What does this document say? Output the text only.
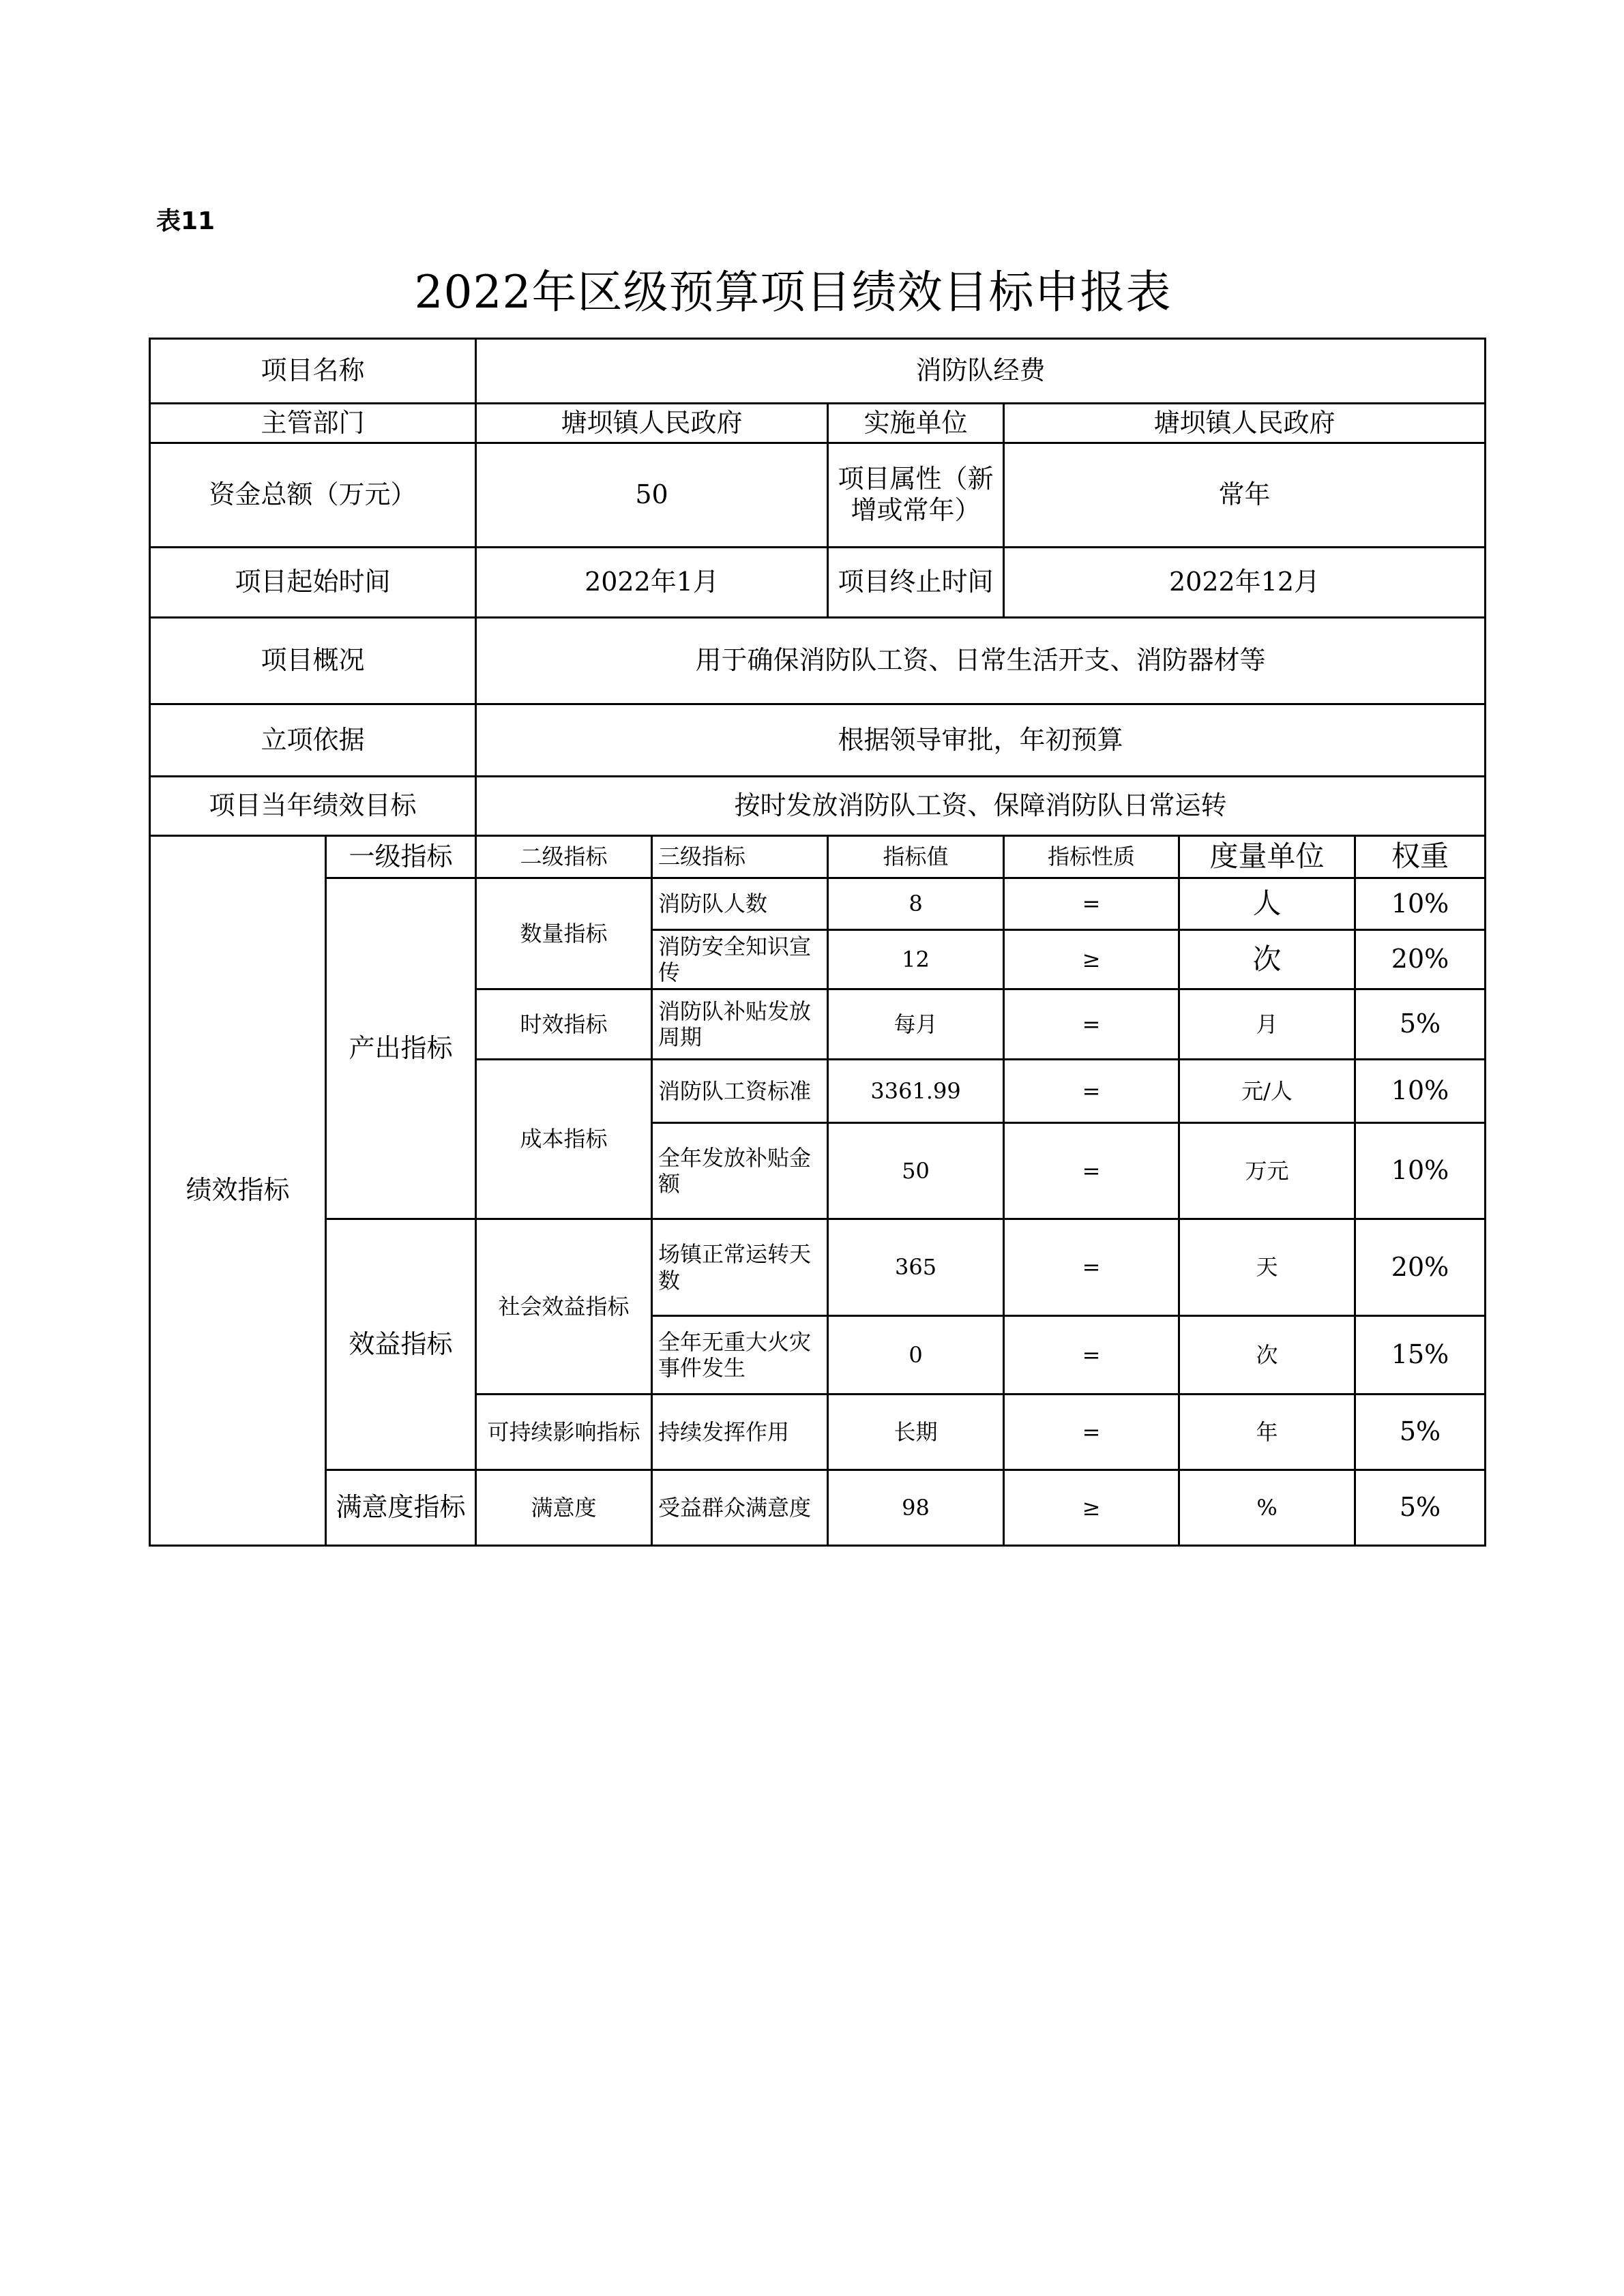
表11
2022年区级预算项目绩效目标申报表
项目名称		消防队经费					
主管部门		塘坝镇人民政府		实施单位	塘坝镇人民政府		
资金总额（万元）		50		项目属性（新增或常年）	常年		
项目起始时间		2022年1月		项目终止时间	2022年12月		
项目概况		用于确保消防队工资、日常生活开支、消防器材等					
立项依据		根据领导审批，年初预算					
项目当年绩效目标		按时发放消防队工资、保障消防队日常运转					
绩效指标	一级指标	二级指标	三级指标	指标值	指标性质	度量单位	权重
	产出指标	数量指标	消防队人数	8	=	人	10%
			消防安全知识宣传	12	≥	次	20%
		时效指标	消防队补贴发放周期	每月	=	月	5%
		成本指标	消防队工资标准	3361.99	=	元/人	10%
			全年发放补贴金额	50	=	万元	10%
	效益指标	社会效益指标	场镇正常运转天数	365	=	天	20%
			全年无重大火灾事件发生	0	=	次	15%
		可持续影响指标	持续发挥作用	长期	=	年	5%
	满意度指标	满意度	受益群众满意度	98	≥	%	5%
